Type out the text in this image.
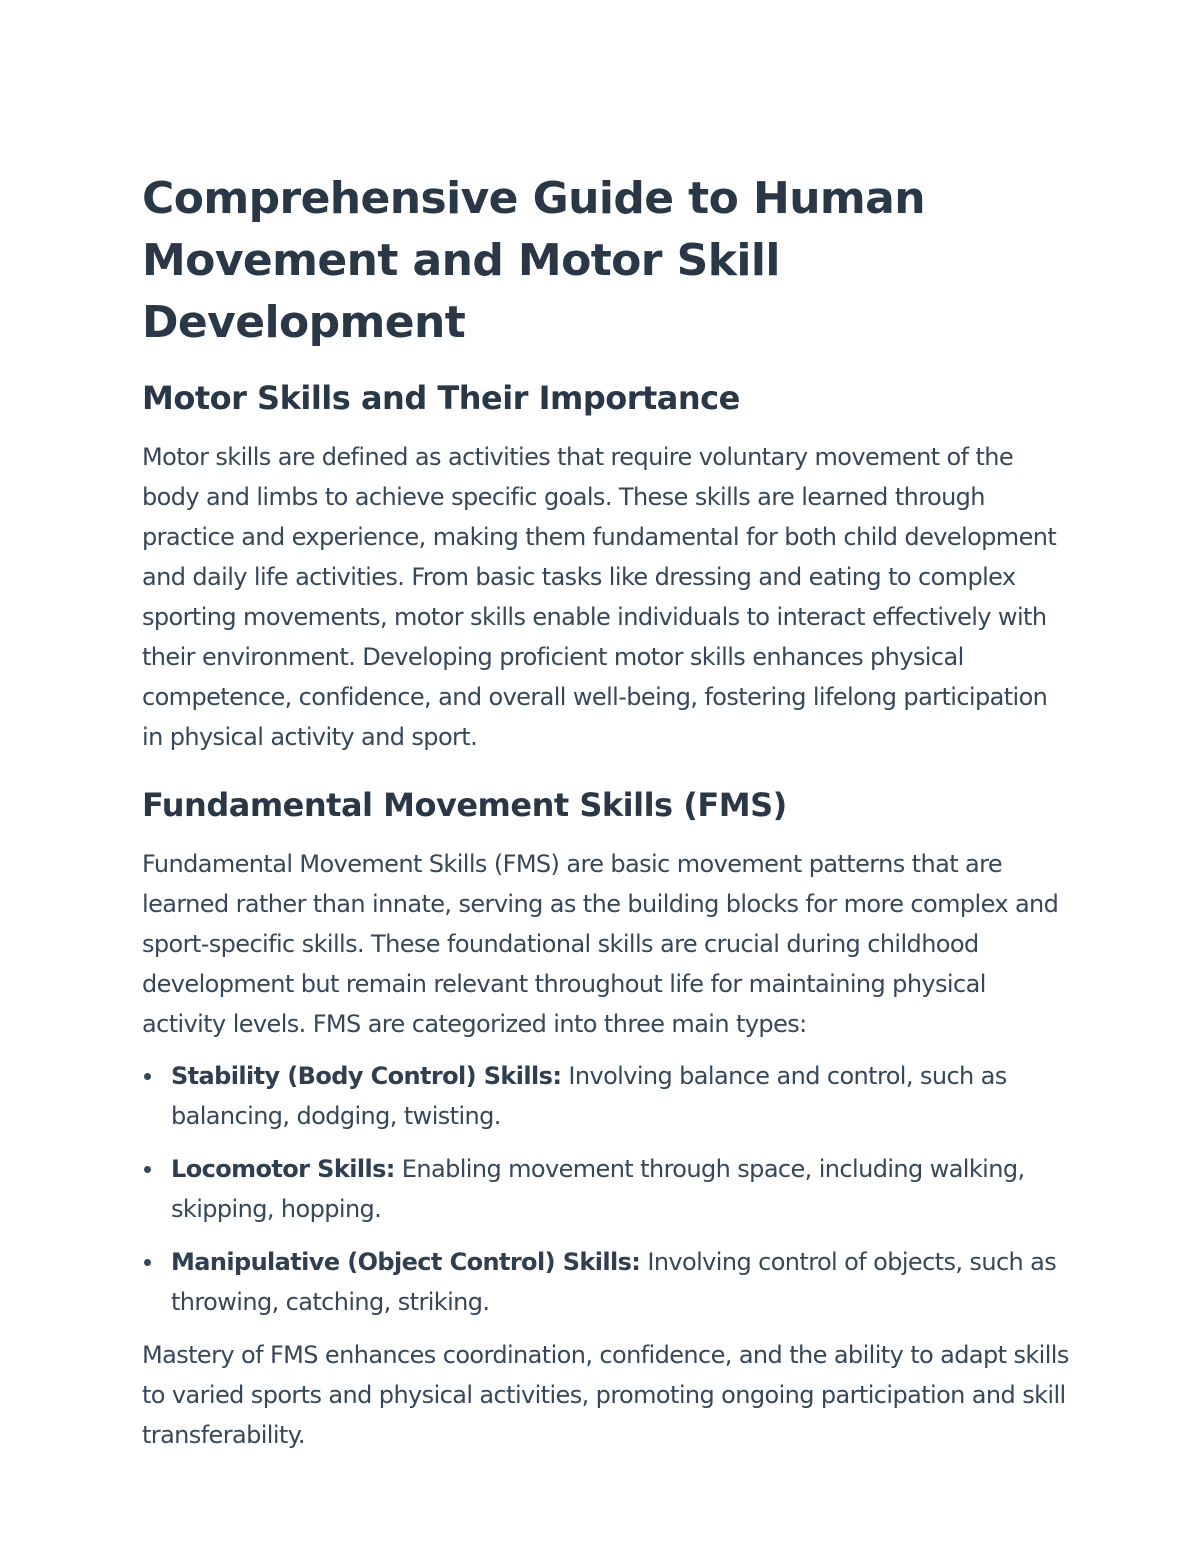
Comprehensive Guide to Human Movement and Motor Skill Development
Motor Skills and Their Importance

Motor skills are defined as activities that require voluntary movement of the body and limbs to achieve specific goals. These skills are learned through practice and experience, making them fundamental for both child development and daily life activities. From basic tasks like dressing and eating to complex sporting movements, motor skills enable individuals to interact effectively with their environment. Developing proficient motor skills enhances physical competence, confidence, and overall well-being, fostering lifelong participation in physical activity and sport.

Fundamental Movement Skills (FMS)

Fundamental Movement Skills (FMS) are basic movement patterns that are learned rather than innate, serving as the building blocks for more complex and sport-specific skills. These foundational skills are crucial during childhood development but remain relevant throughout life for maintaining physical activity levels. FMS are categorized into three main types:

Stability (Body Control) Skills: Involving balance and control, such as balancing, dodging, twisting.
Locomotor Skills: Enabling movement through space, including walking, skipping, hopping.
Manipulative (Object Control) Skills: Involving control of objects, such as throwing, catching, striking.

Mastery of FMS enhances coordination, confidence, and the ability to adapt skills to varied sports and physical activities, promoting ongoing participation and skill transferability.
